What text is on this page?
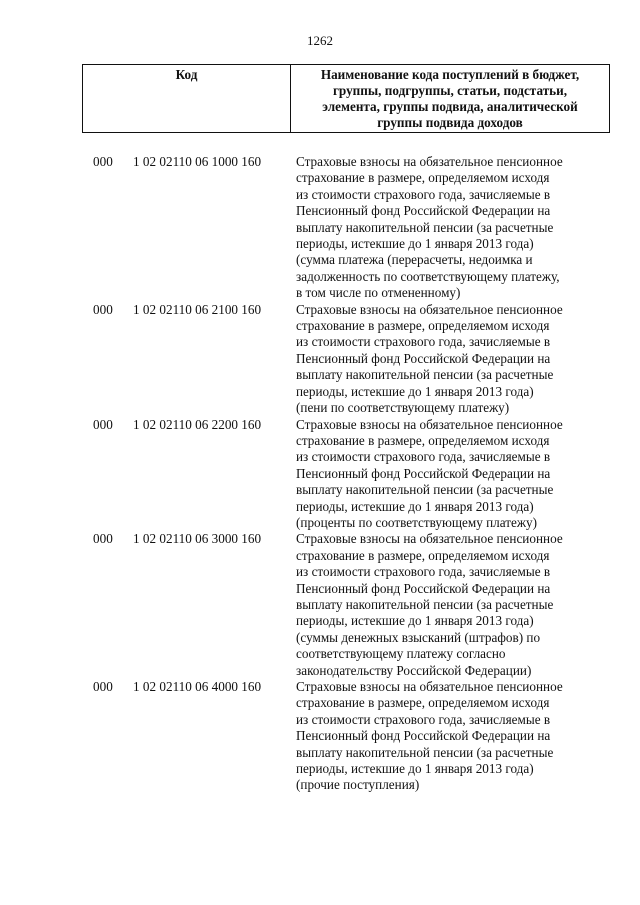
1262
Код	Наименование кода поступлений в бюджет,
группы, подгруппы, статьи, подстатьи,
элемента, группы подвида, аналитической
группы подвида доходов
000	1 02 02110 06 1000 160	Страховые взносы на обязательное пенсионное
страхование в размере, определяемом исходя
из стоимости страхового года, зачисляемые в
Пенсионный фонд Российской Федерации на
выплату накопительной пенсии (за расчетные
периоды, истекшие до 1 января 2013 года)
(сумма платежа (перерасчеты, недоимка и
задолженность по соответствующему платежу,
в том числе по отмененному)
000	1 02 02110 06 2100 160	Страховые взносы на обязательное пенсионное
страхование в размере, определяемом исходя
из стоимости страхового года, зачисляемые в
Пенсионный фонд Российской Федерации на
выплату накопительной пенсии (за расчетные
периоды, истекшие до 1 января 2013 года)
(пени по соответствующему платежу)
000	1 02 02110 06 2200 160	Страховые взносы на обязательное пенсионное
страхование в размере, определяемом исходя
из стоимости страхового года, зачисляемые в
Пенсионный фонд Российской Федерации на
выплату накопительной пенсии (за расчетные
периоды, истекшие до 1 января 2013 года)
(проценты по соответствующему платежу)
000	1 02 02110 06 3000 160	Страховые взносы на обязательное пенсионное
страхование в размере, определяемом исходя
из стоимости страхового года, зачисляемые в
Пенсионный фонд Российской Федерации на
выплату накопительной пенсии (за расчетные
периоды, истекшие до 1 января 2013 года)
(суммы денежных взысканий (штрафов) по
соответствующему платежу согласно
законодательству Российской Федерации)
000	1 02 02110 06 4000 160	Страховые взносы на обязательное пенсионное
страхование в размере, определяемом исходя
из стоимости страхового года, зачисляемые в
Пенсионный фонд Российской Федерации на
выплату накопительной пенсии (за расчетные
периоды, истекшие до 1 января 2013 года)
(прочие поступления)
